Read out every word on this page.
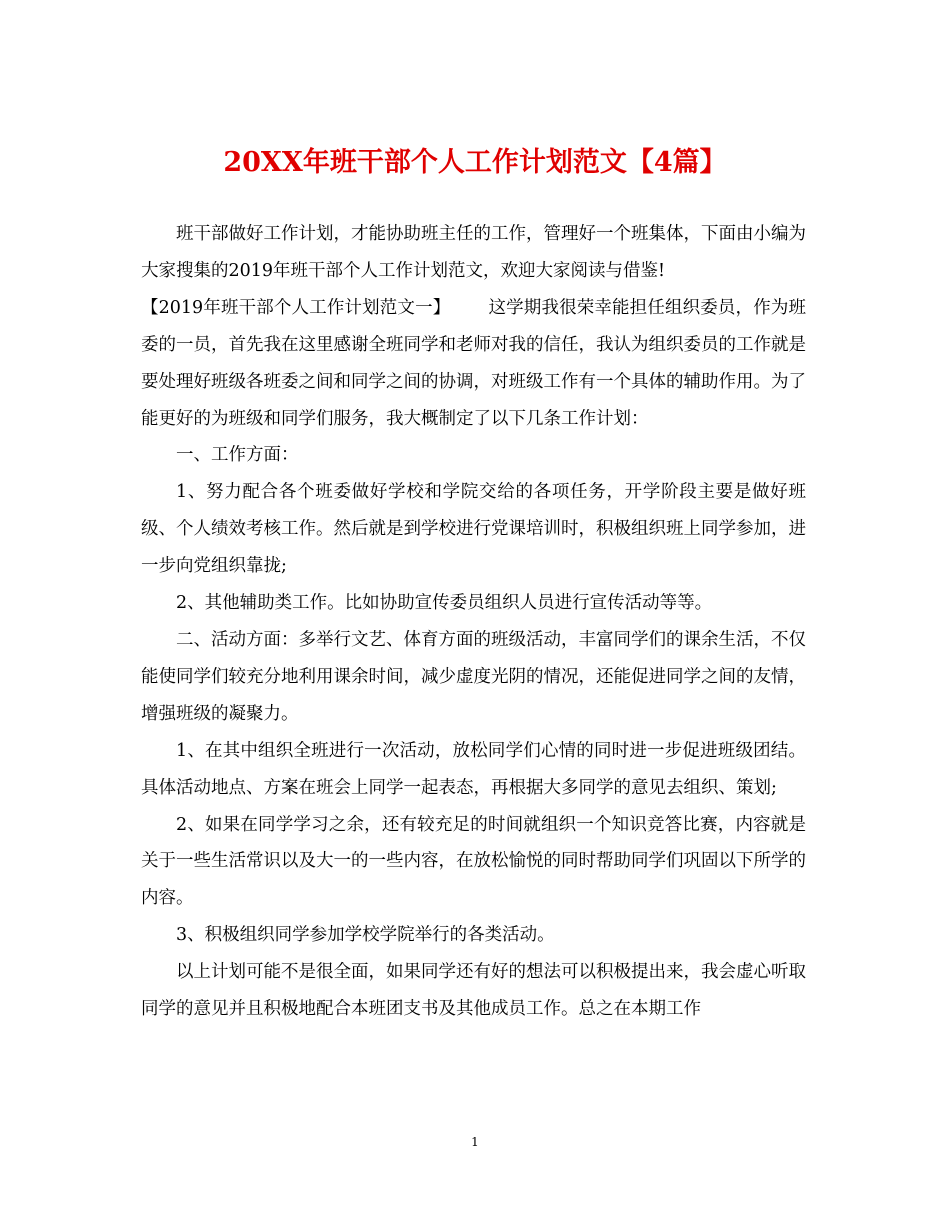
20XX年班干部个人工作计划范文【4篇】

班干部做好工作计划，才能协助班主任的工作，管理好一个班集体，下面由小编为大家搜集的2019年班干部个人工作计划范文，欢迎大家阅读与借鉴!

【2019年班干部个人工作计划范文一】 这学期我很荣幸能担任组织委员，作为班委的一员，首先我在这里感谢全班同学和老师对我的信任，我认为组织委员的工作就是要处理好班级各班委之间和同学之间的协调，对班级工作有一个具体的辅助作用。为了能更好的为班级和同学们服务，我大概制定了以下几条工作计划：

一、工作方面：

1、努力配合各个班委做好学校和学院交给的各项任务，开学阶段主要是做好班级、个人绩效考核工作。然后就是到学校进行党课培训时，积极组织班上同学参加，进一步向党组织靠拢;

2、其他辅助类工作。比如协助宣传委员组织人员进行宣传活动等等。

二、活动方面：多举行文艺、体育方面的班级活动，丰富同学们的课余生活，不仅能使同学们较充分地利用课余时间，减少虚度光阴的情况，还能促进同学之间的友情，增强班级的凝聚力。

1、在其中组织全班进行一次活动，放松同学们心情的同时进一步促进班级团结。具体活动地点、方案在班会上同学一起表态，再根据大多同学的意见去组织、策划;

2、如果在同学学习之余，还有较充足的时间就组织一个知识竞答比赛，内容就是关于一些生活常识以及大一的一些内容，在放松愉悦的同时帮助同学们巩固以下所学的内容。

3、积极组织同学参加学校学院举行的各类活动。

以上计划可能不是很全面，如果同学还有好的想法可以积极提出来，我会虚心听取同学的意见并且积极地配合本班团支书及其他成员工作。总之在本期工作

1
